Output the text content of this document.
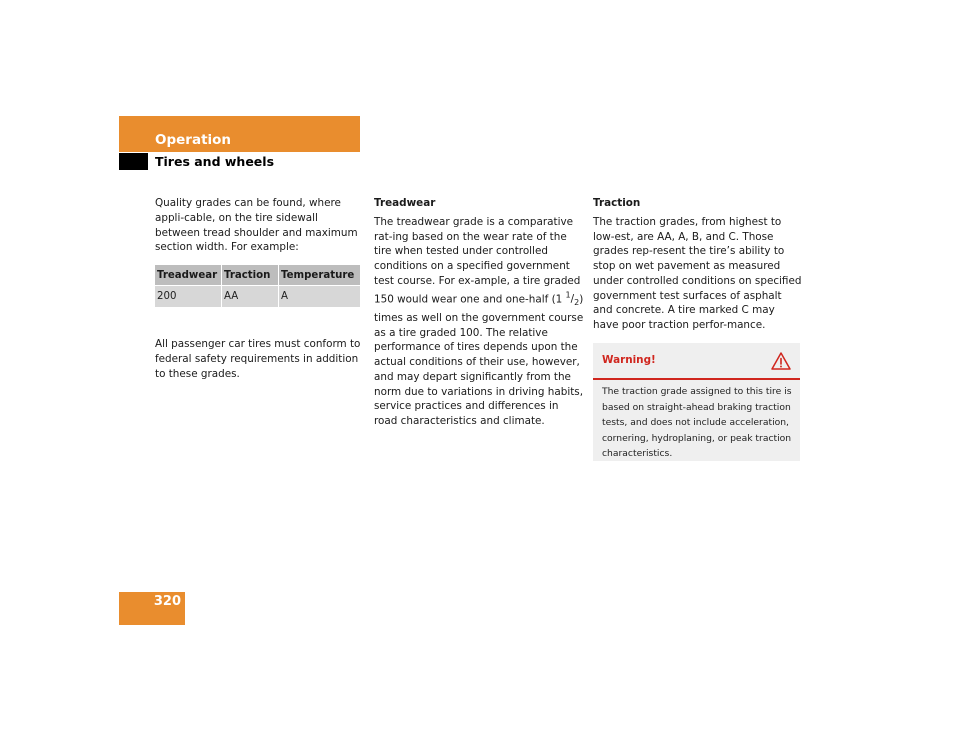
Operation
Tires and wheels

Quality grades can be found, where appli-cable, on the tire sidewall between tread shoulder and maximum section width. For example:

All passenger car tires must conform to federal safety requirements in addition to these grades.

Treadwear	Traction	Temperature
200	AA	A

Treadwear

The treadwear grade is a comparative rat-ing based on the wear rate of the tire when tested under controlled conditions on a specified government test course. For ex-ample, a tire graded 150 would wear one and one-half (1 $^1/_2$) times as well on the government course as a tire graded 100. The relative performance of tires depends upon the actual conditions of their use, however, and may depart significantly from the norm due to variations in driving habits, service practices and differences in road characteristics and climate.

Traction

The traction grades, from highest to low-est, are AA, A, B, and C. Those grades rep-resent the tire’s ability to stop on wet pavement as measured under controlled conditions on specified government test surfaces of asphalt and concrete. A tire marked C may have poor traction perfor-mance.

Warning!
The traction grade assigned to this tire is based on straight-ahead braking traction tests, and does not include acceleration, cornering, hydroplaning, or peak traction characteristics.
320
